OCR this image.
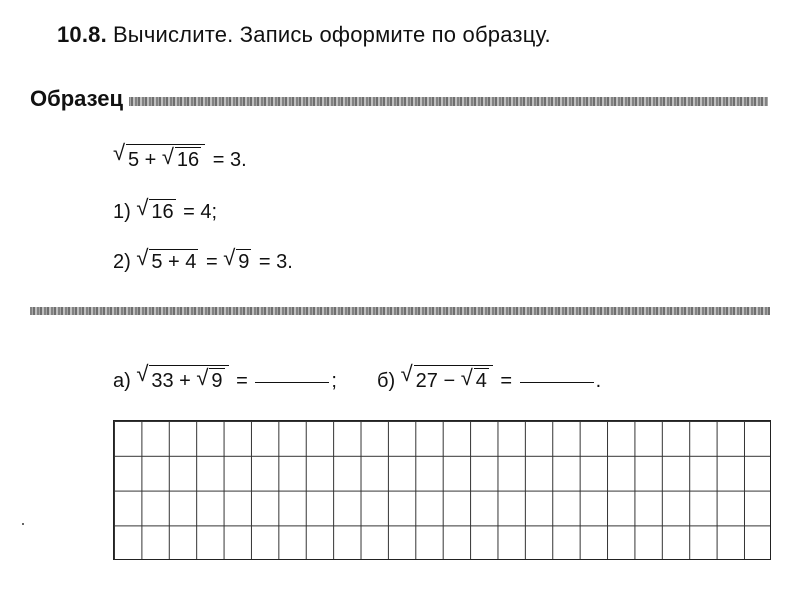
10.8. Вычислите. Запись оформите по образцу.
Образец
√ 5 + √ 16 = 3.
1) √ 16 = 4;
2) √ 5 + 4 = √ 9 = 3.
а) √ 33 + √ 9 =	; б) √ 27 − √ 4 =	.
